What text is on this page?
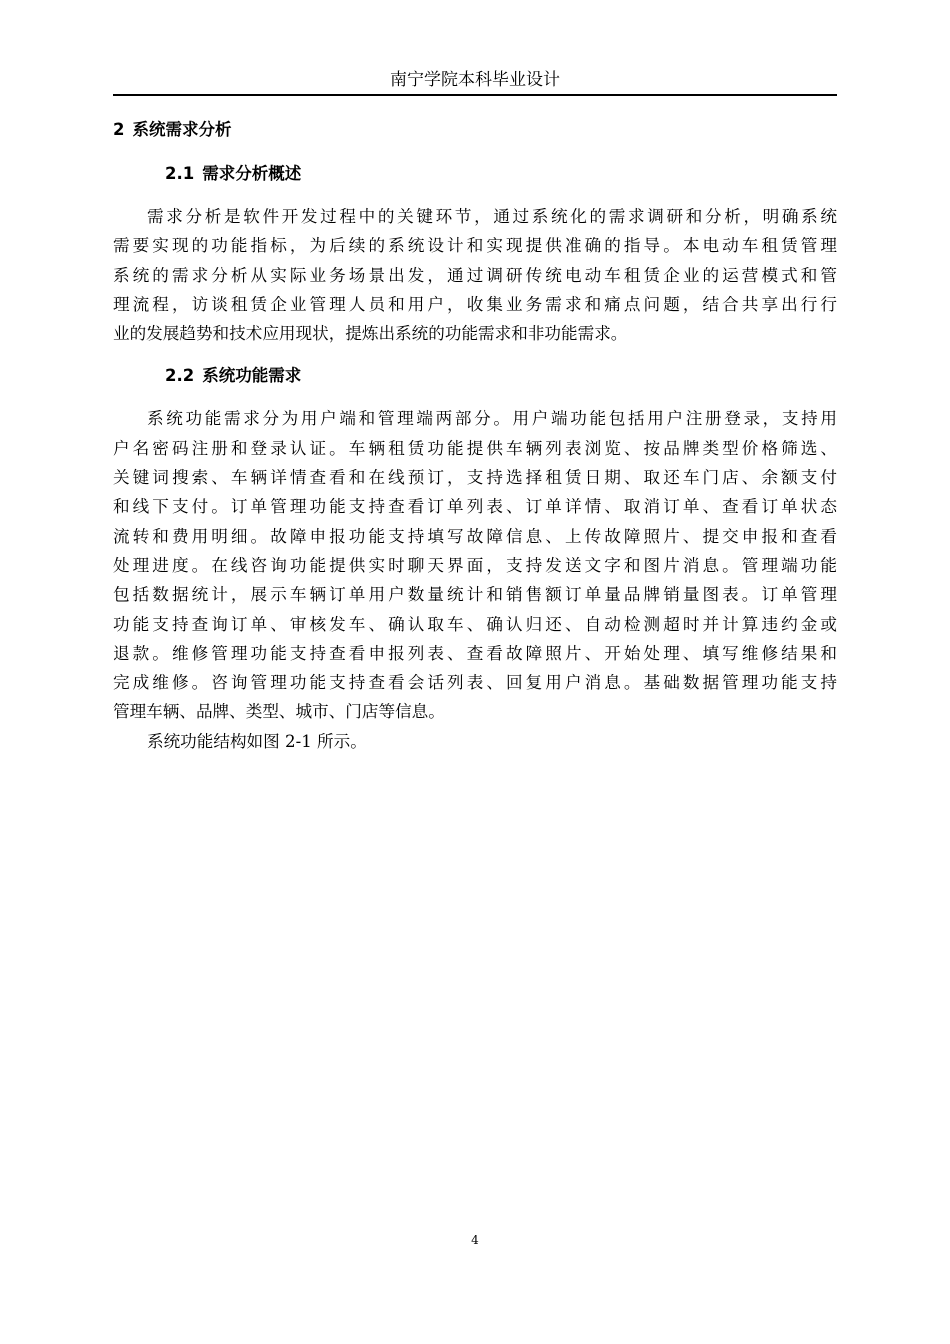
南宁学院本科毕业设计
2 系统需求分析
2.1 需求分析概述
需求分析是软件开发过程中的关键环节，通过系统化的需求调研和分析，明确系统
需要实现的功能指标，为后续的系统设计和实现提供准确的指导。本电动车租赁管理
系统的需求分析从实际业务场景出发，通过调研传统电动车租赁企业的运营模式和管
理流程，访谈租赁企业管理人员和用户，收集业务需求和痛点问题，结合共享出行行
业的发展趋势和技术应用现状，提炼出系统的功能需求和非功能需求。
2.2 系统功能需求
系统功能需求分为用户端和管理端两部分。用户端功能包括用户注册登录，支持用
户名密码注册和登录认证。车辆租赁功能提供车辆列表浏览、按品牌类型价格筛选、
关键词搜索、车辆详情查看和在线预订，支持选择租赁日期、取还车门店、余额支付
和线下支付。订单管理功能支持查看订单列表、订单详情、取消订单、查看订单状态
流转和费用明细。故障申报功能支持填写故障信息、上传故障照片、提交申报和查看
处理进度。在线咨询功能提供实时聊天界面，支持发送文字和图片消息。管理端功能
包括数据统计，展示车辆订单用户数量统计和销售额订单量品牌销量图表。订单管理
功能支持查询订单、审核发车、确认取车、确认归还、自动检测超时并计算违约金或
退款。维修管理功能支持查看申报列表、查看故障照片、开始处理、填写维修结果和
完成维修。咨询管理功能支持查看会话列表、回复用户消息。基础数据管理功能支持
管理车辆、品牌、类型、城市、门店等信息。
系统功能结构如图 2-1 所示。
4
